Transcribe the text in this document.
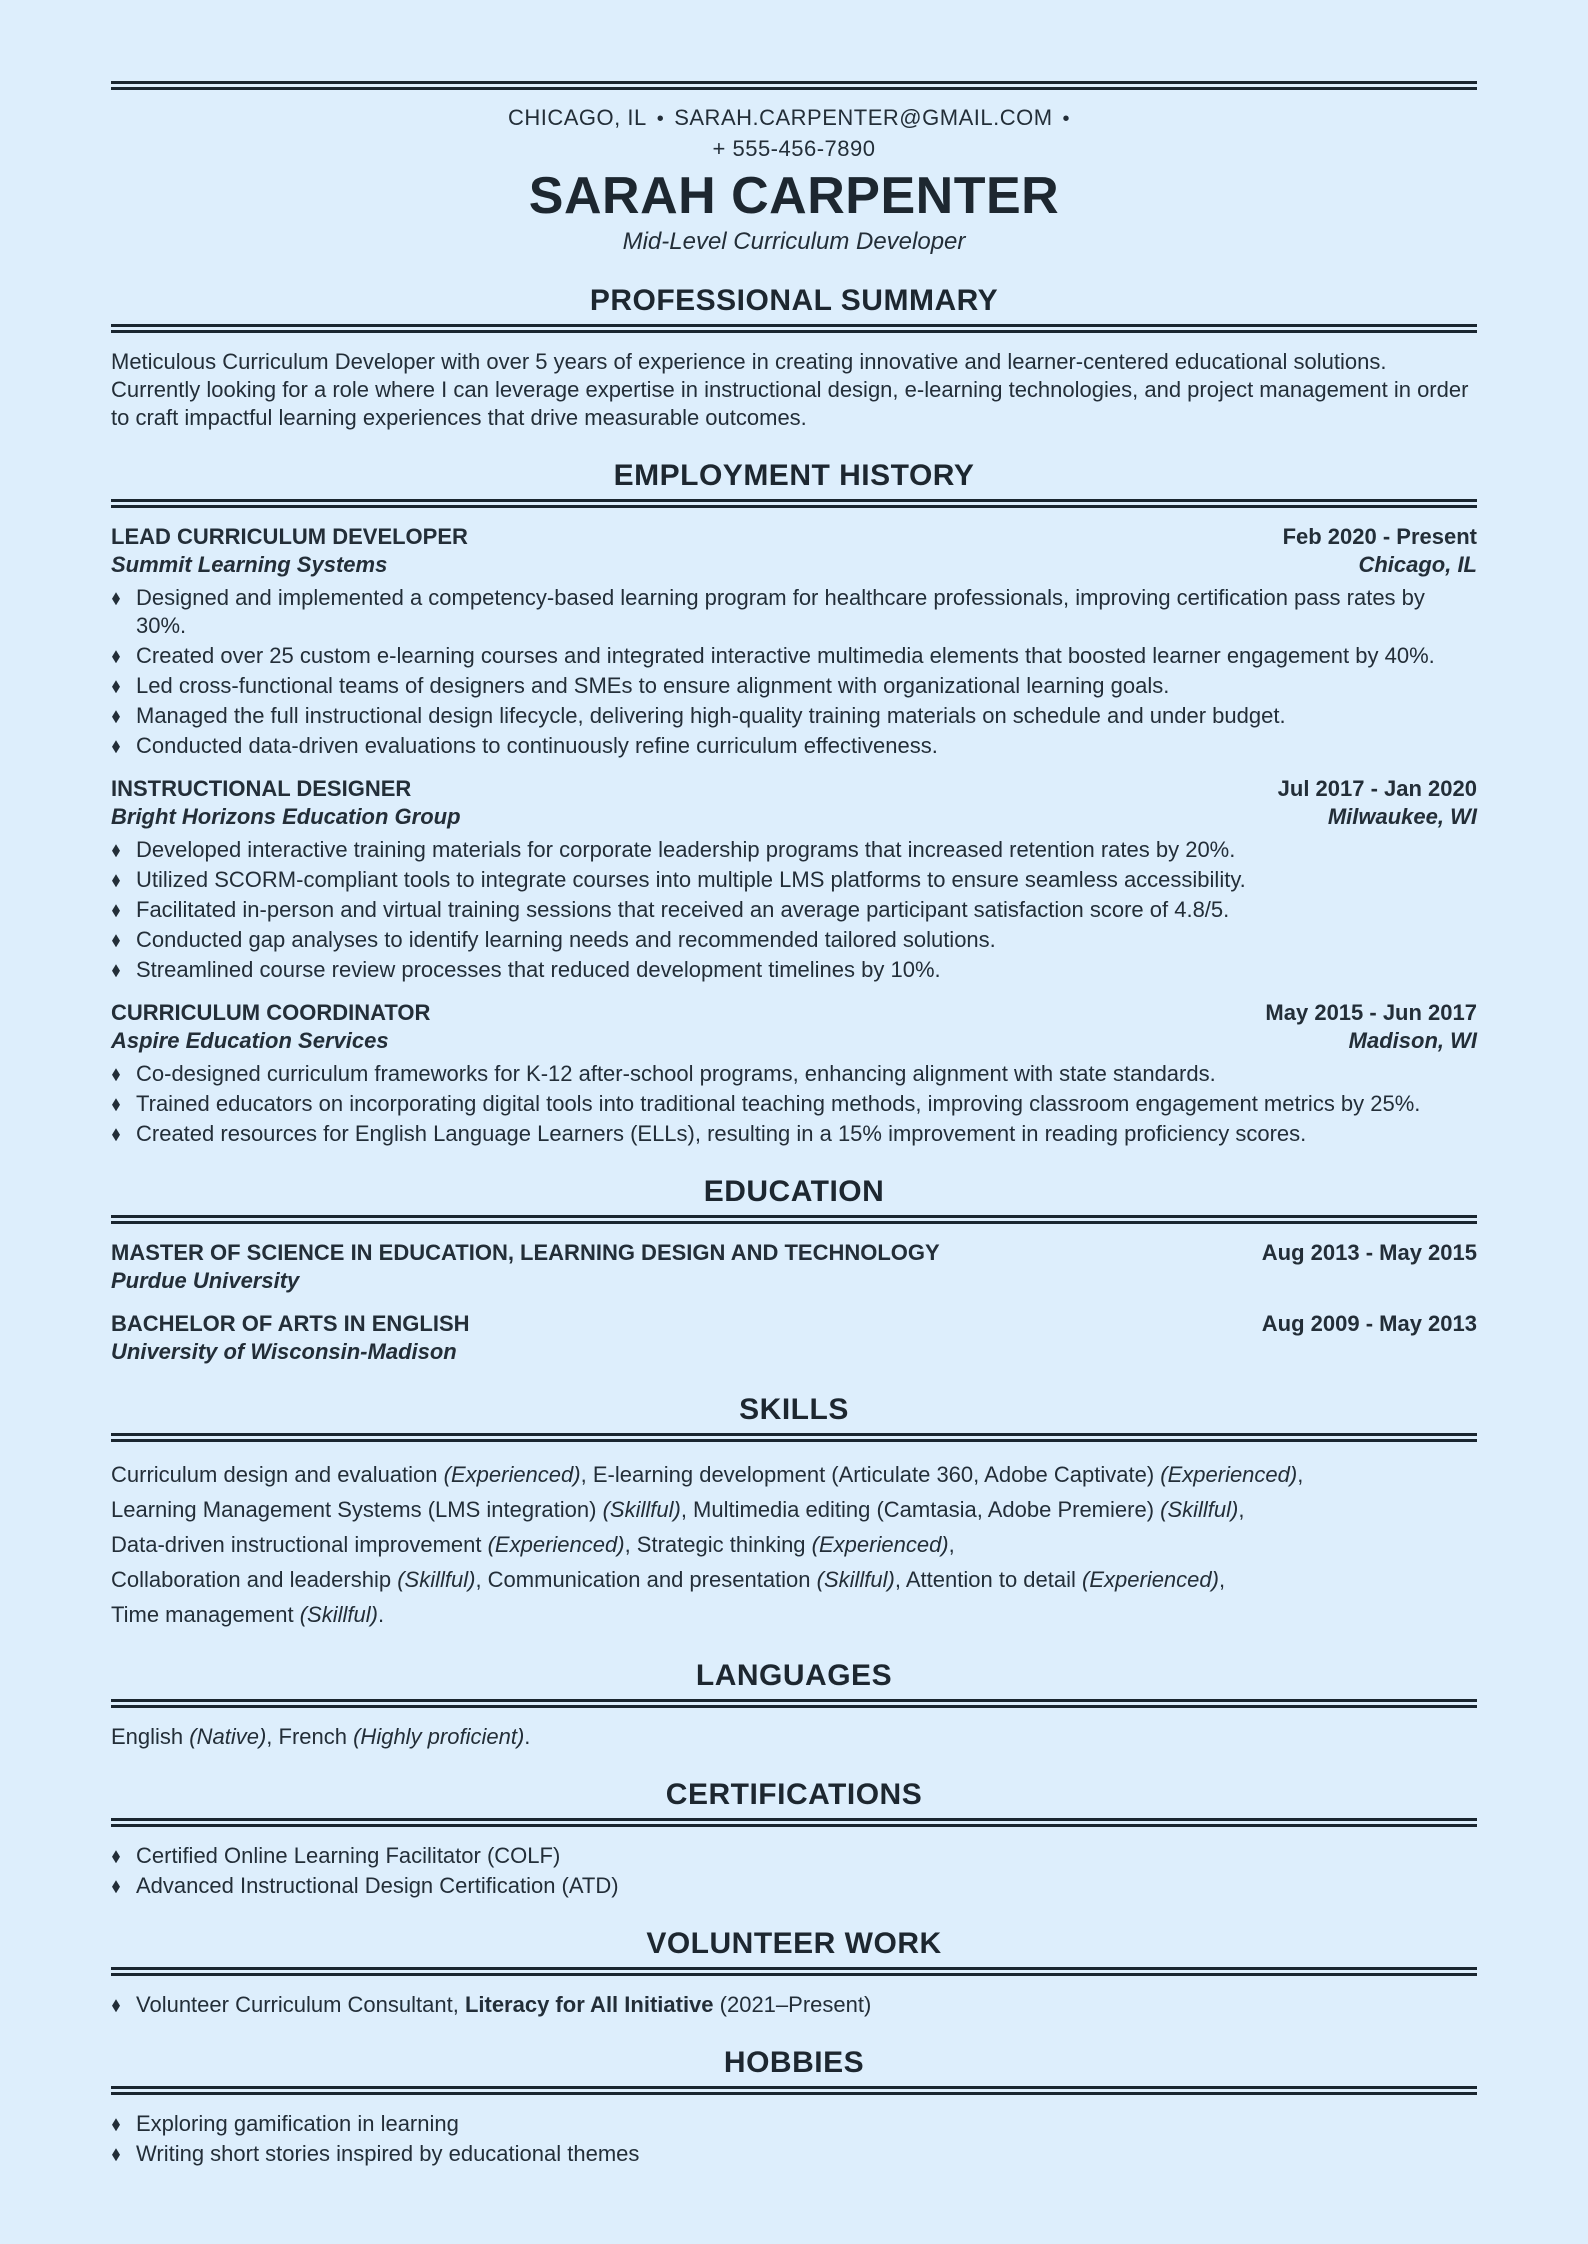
CHICAGO, IL • SARAH.CARPENTER@GMAIL.COM •
+ 555-456-7890
SARAH CARPENTER
Mid-Level Curriculum Developer
PROFESSIONAL SUMMARY

Meticulous Curriculum Developer with over 5 years of experience in creating innovative and learner-centered educational solutions. Currently looking for a role where I can leverage expertise in instructional design, e-learning technologies, and project management in order to craft impactful learning experiences that drive measurable outcomes.

EMPLOYMENT HISTORY
LEAD CURRICULUM DEVELOPER	Feb 2020 - Present
Summit Learning Systems	Chicago, IL
Designed and implemented a competency-based learning program for healthcare professionals, improving certification pass rates by 30%.
Created over 25 custom e-learning courses and integrated interactive multimedia elements that boosted learner engagement by 40%.
Led cross-functional teams of designers and SMEs to ensure alignment with organizational learning goals.
Managed the full instructional design lifecycle, delivering high-quality training materials on schedule and under budget.
Conducted data-driven evaluations to continuously refine curriculum effectiveness.
INSTRUCTIONAL DESIGNER	Jul 2017 - Jan 2020
Bright Horizons Education Group	Milwaukee, WI
Developed interactive training materials for corporate leadership programs that increased retention rates by 20%.
Utilized SCORM-compliant tools to integrate courses into multiple LMS platforms to ensure seamless accessibility.
Facilitated in-person and virtual training sessions that received an average participant satisfaction score of 4.8/5.
Conducted gap analyses to identify learning needs and recommended tailored solutions.
Streamlined course review processes that reduced development timelines by 10%.
CURRICULUM COORDINATOR	May 2015 - Jun 2017
Aspire Education Services	Madison, WI
Co-designed curriculum frameworks for K-12 after-school programs, enhancing alignment with state standards.
Trained educators on incorporating digital tools into traditional teaching methods, improving classroom engagement metrics by 25%.
Created resources for English Language Learners (ELLs), resulting in a 15% improvement in reading proficiency scores.
EDUCATION
MASTER OF SCIENCE IN EDUCATION, LEARNING DESIGN AND TECHNOLOGY	Aug 2013 - May 2015
Purdue University
BACHELOR OF ARTS IN ENGLISH	Aug 2009 - May 2013
University of Wisconsin-Madison
SKILLS

Curriculum design and evaluation (Experienced), E-learning development (Articulate 360, Adobe Captivate) (Experienced),

Learning Management Systems (LMS integration) (Skillful), Multimedia editing (Camtasia, Adobe Premiere) (Skillful),

Data-driven instructional improvement (Experienced), Strategic thinking (Experienced),

Collaboration and leadership (Skillful), Communication and presentation (Skillful), Attention to detail (Experienced),

Time management (Skillful).

LANGUAGES

English (Native), French (Highly proficient).

CERTIFICATIONS
Certified Online Learning Facilitator (COLF)
Advanced Instructional Design Certification (ATD)
VOLUNTEER WORK
Volunteer Curriculum Consultant, Literacy for All Initiative (2021–Present)
HOBBIES
Exploring gamification in learning
Writing short stories inspired by educational themes
